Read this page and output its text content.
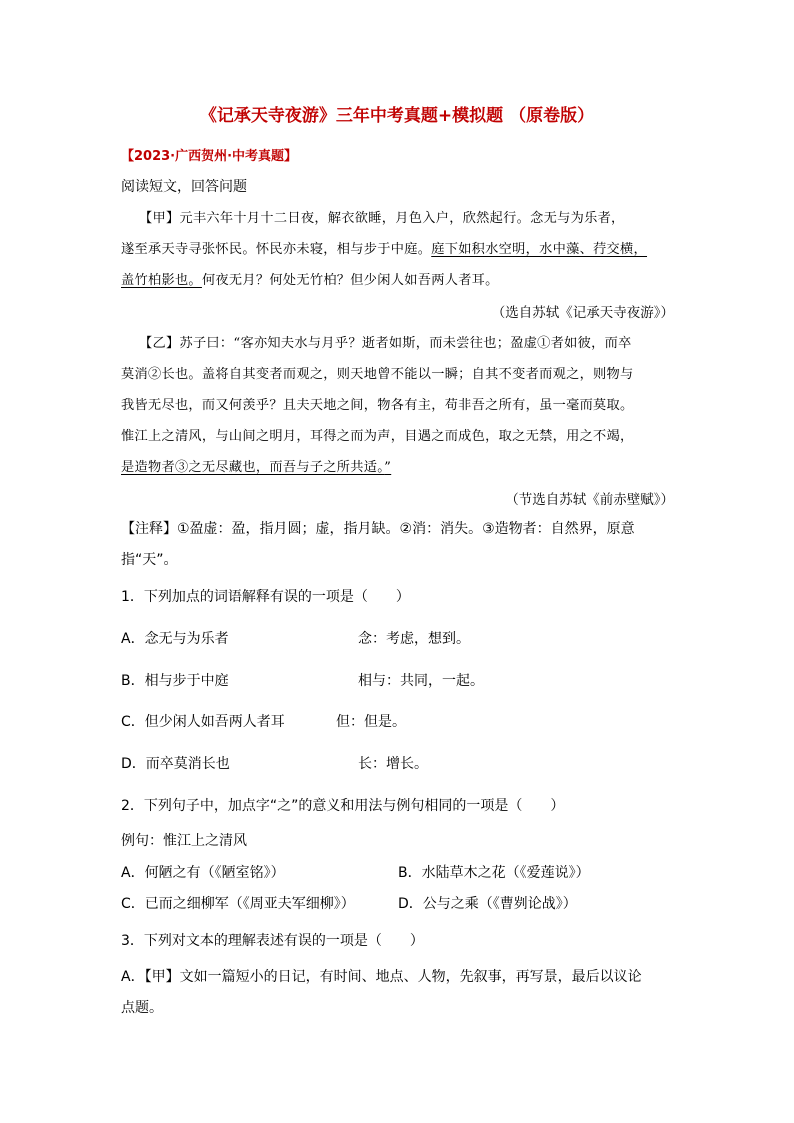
《记承天寺夜游》三年中考真题+模拟题 （原卷版）
【2023·广西贺州·中考真题】
阅读短文，回答问题
【甲】元丰六年十月十二日夜，解衣欲睡，月色入户，欣然起行。念无与为乐者，
遂至承天寺寻张怀民。怀民亦未寝，相与步于中庭。庭下如积水空明，水中藻、荇交横，
盖竹柏影也。何夜无月？何处无竹柏？但少闲人如吾两人者耳。
（选自苏轼《记承天寺夜游》）
【乙】苏子曰：“客亦知夫水与月乎？逝者如斯，而未尝往也；盈虚①者如彼，而卒
莫消②长也。盖将自其变者而观之，则天地曾不能以一瞬；自其不变者而观之，则物与
我皆无尽也，而又何羡乎？且夫天地之间，物各有主，苟非吾之所有，虽一毫而莫取。
惟江上之清风，与山间之明月，耳得之而为声，目遇之而成色，取之无禁，用之不竭，
是造物者③之无尽藏也，而吾与子之所共适。”
（节选自苏轼《前赤壁赋》）
【注释】①盈虚：盈，指月圆；虚，指月缺。②消：消失。③造物者：自然界，原意
指“天”。
1．下列加点的词语解释有误的一项是（　　）
A．念无与为乐者	念：考虑，想到。
B．相与步于中庭	相与：共同，一起。
C．但少闲人如吾两人者耳	但：但是。
D．而卒莫消长也	长：增长。
2．下列句子中，加点字“之”的意义和用法与例句相同的一项是（　　）
例句：惟江上之清风
A．何陋之有（《陋室铭》）	B．水陆草木之花（《爱莲说》）
C．已而之细柳军（《周亚夫军细柳》）	D．公与之乘（《曹刿论战》）
3．下列对文本的理解表述有误的一项是（　　）
A．【甲】文如一篇短小的日记，有时间、地点、人物，先叙事，再写景，最后以议论
点题。
